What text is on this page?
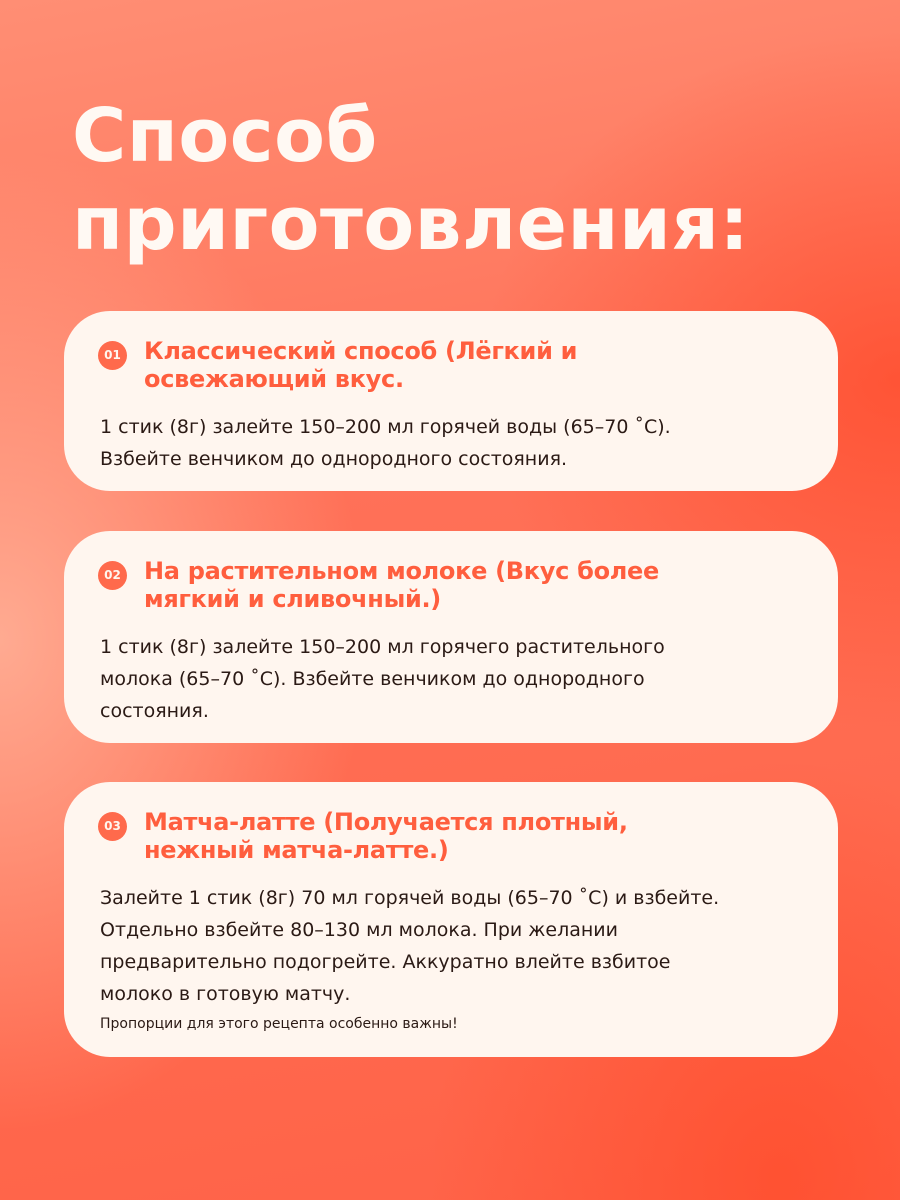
Способ
приготовления:
01 Классический способ (Лёгкий и
освежающий вкус.
1 стик (8г) залейте 150–200 мл горячей воды (65–70 ˚С).
Взбейте венчиком до однородного состояния.
02 На растительном молоке (Вкус более
мягкий и сливочный.)
1 стик (8г) залейте 150–200 мл горячего растительного
молока (65–70 ˚С). Взбейте венчиком до однородного
состояния.
03 Матча-латте (Получается плотный,
нежный матча-латте.)
Залейте 1 стик (8г) 70 мл горячей воды (65–70 ˚С) и взбейте.
Отдельно взбейте 80–130 мл молока. При желании
предварительно подогрейте. Аккуратно влейте взбитое
молоко в готовую матчу.
Пропорции для этого рецепта особенно важны!
